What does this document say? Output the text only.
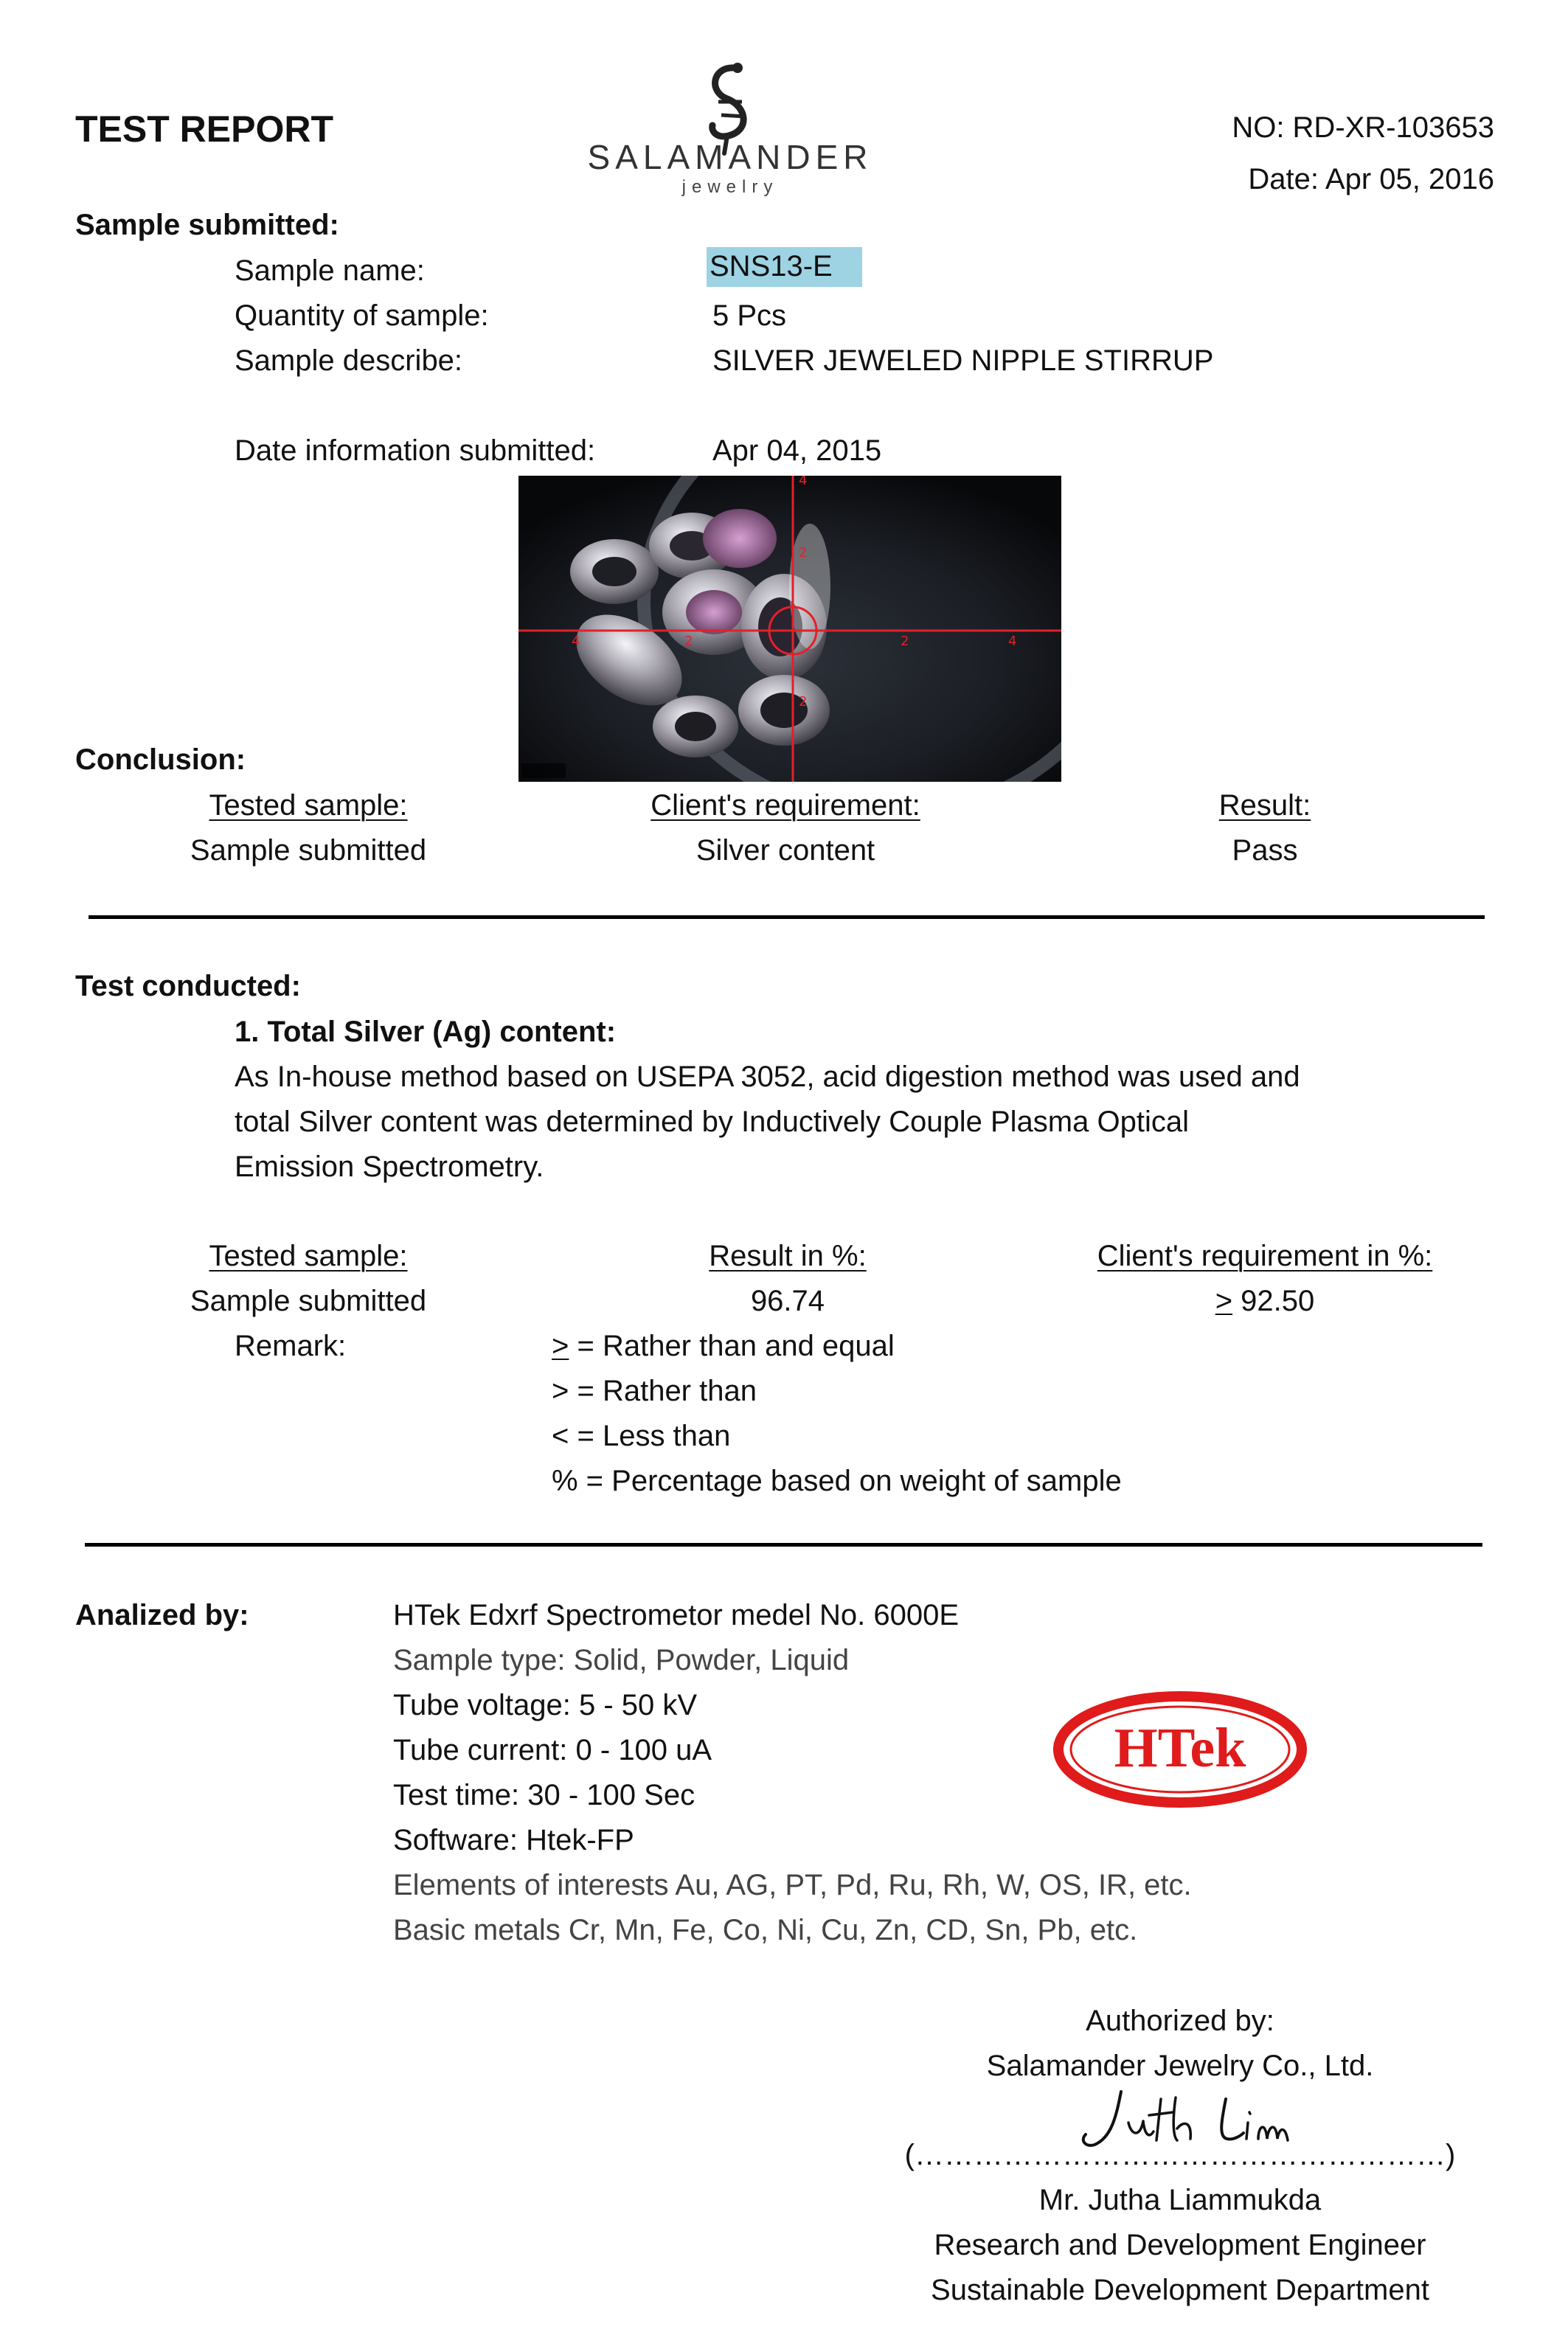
TEST REPORT
SALAMANDER
jewelry
NO: RD-XR-103653
Date: Apr 05, 2016
Sample submitted:
Sample name:	SNS13-E
Quantity of sample:	5 Pcs
Sample describe:	SILVER JEWELED NIPPLE STIRRUP
Date information submitted:	Apr 04, 2015
4	2	2	4
2
2
4
Conclusion:
Tested sample:	Client's requirement:	Result:
Sample submitted	Silver content	Pass
Test conducted:
1. Total Silver (Ag) content:
As In-house method based on USEPA 3052, acid digestion method was used and
total Silver content was determined by Inductively Couple Plasma Optical
Emission Spectrometry.
Tested sample:	Result in %:	Client's requirement in %:
Sample submitted	96.74	> 92.50
Remark:	> = Rather than and equal
> = Rather than
< = Less than
% = Percentage based on weight of sample
Analized by:	HTek Edxrf Spectrometor medel No. 6000E
Sample type: Solid, Powder, Liquid
Tube voltage: 5 - 50 kV
Tube current: 0 - 100 uA
Test time: 30 - 100 Sec
Software: Htek-FP
Elements of interests Au, AG, PT, Pd, Ru, Rh, W, OS, IR, etc.
Basic metals Cr, Mn, Fe, Co, Ni, Cu, Zn, CD, Sn, Pb, etc.
HTek
Authorized by:
Salamander Jewelry Co., Ltd.
(………………………………………………)
Mr. Jutha Liammukda
Research and Development Engineer
Sustainable Development Department
